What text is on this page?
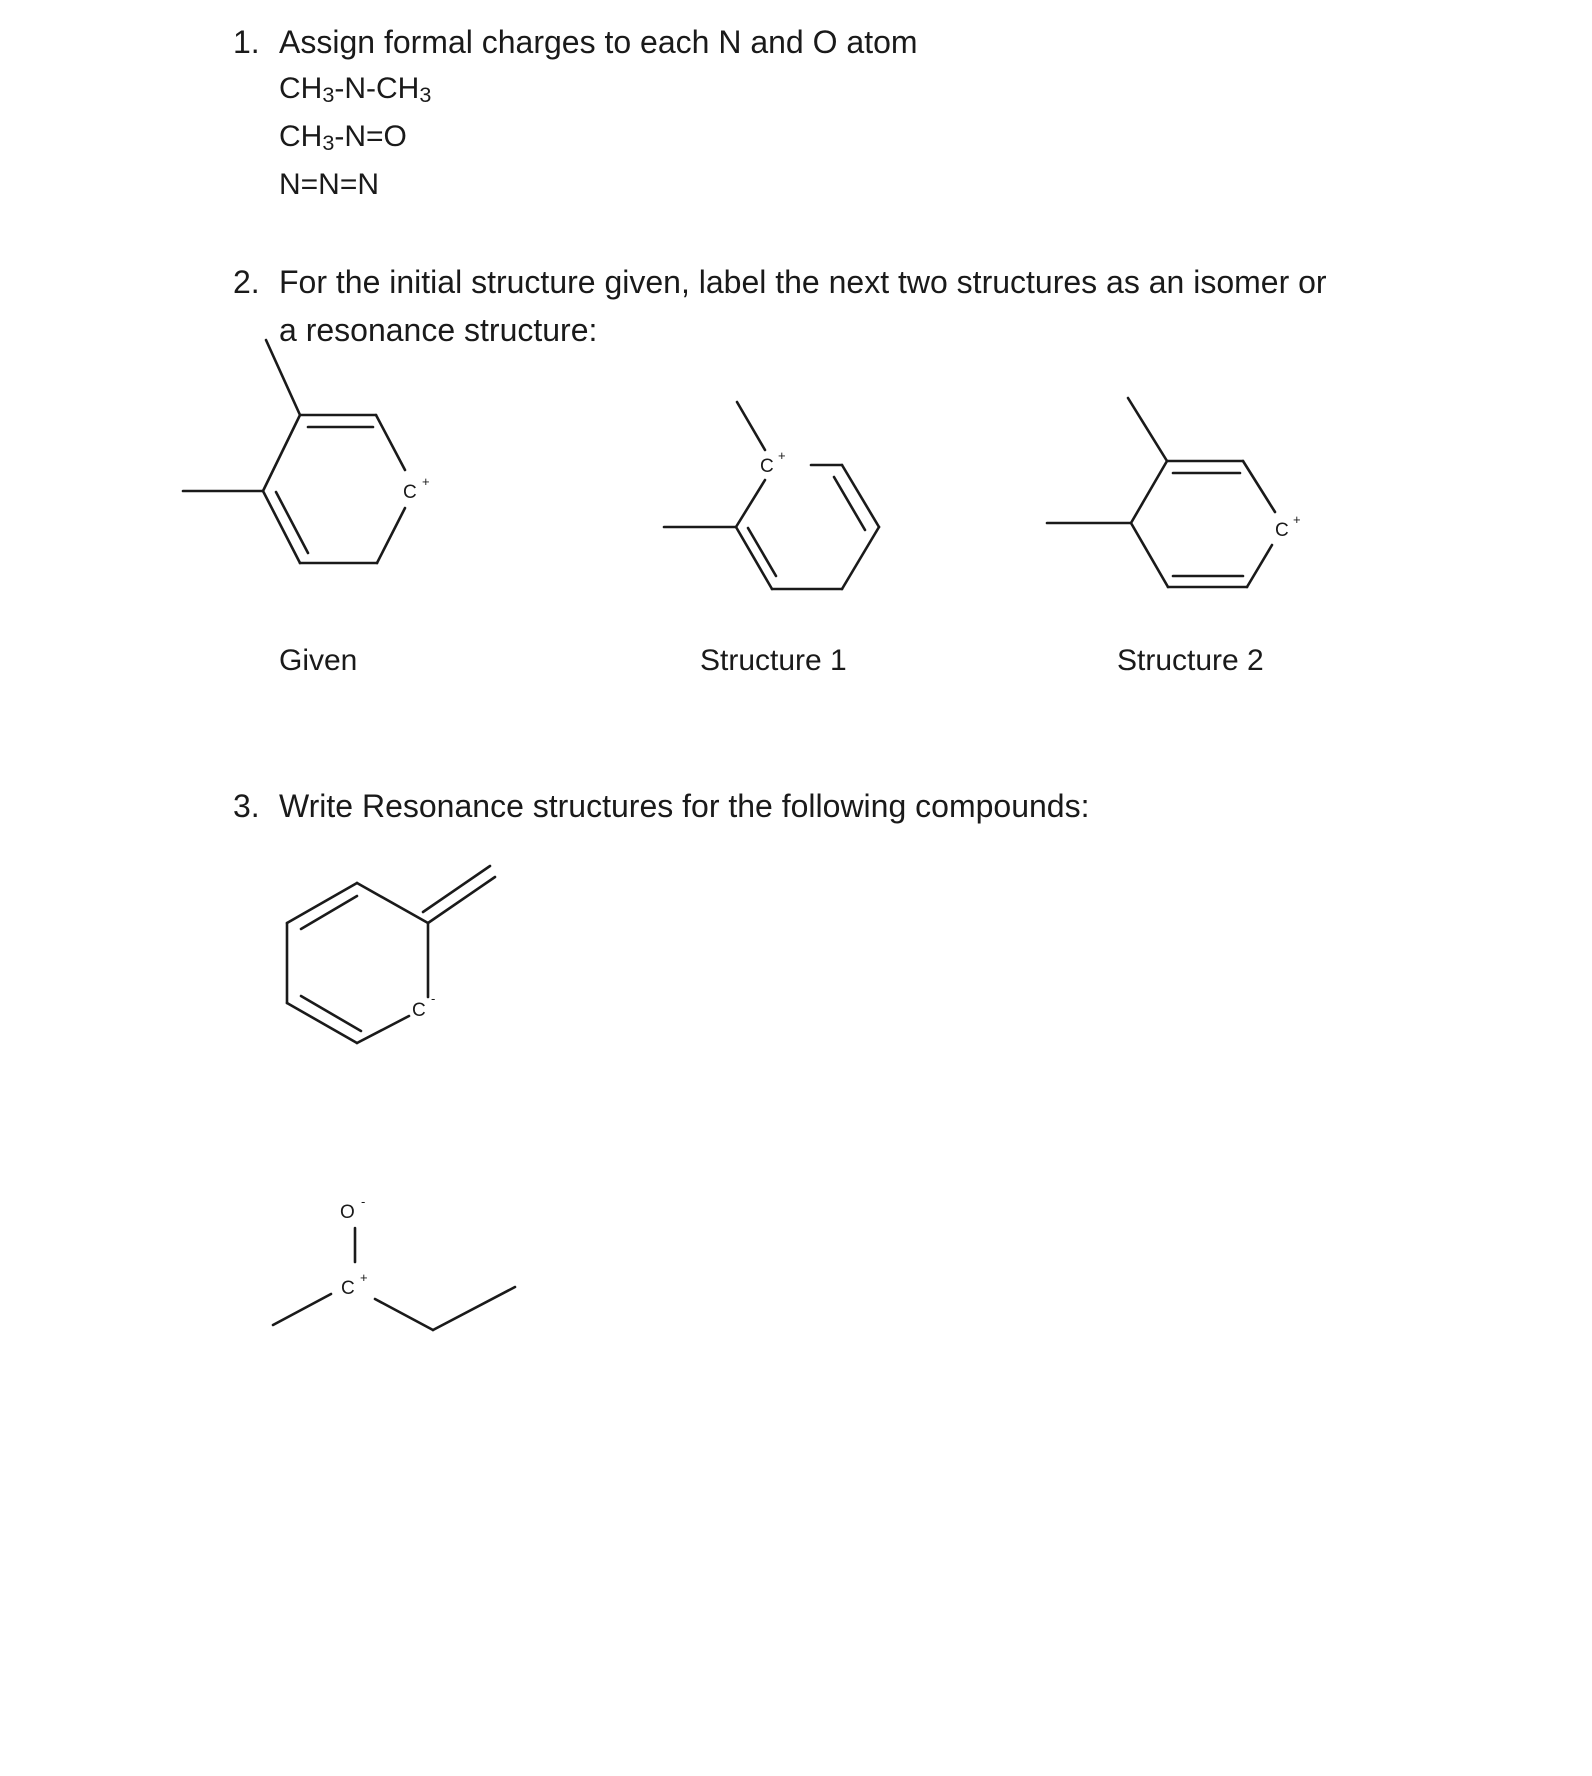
1. Assign formal charges to each N and O atom
$CH_3-N-CH_3$
$CH_3-N=O$
N=N=N
2. For the initial structure given, label the next two structures as an isomer or
a resonance structure:
C
+
C
+
C
+
Given	Structure 1	Structure 2
3. Write Resonance structures for the following compounds:
C
-
O
-
C
+
